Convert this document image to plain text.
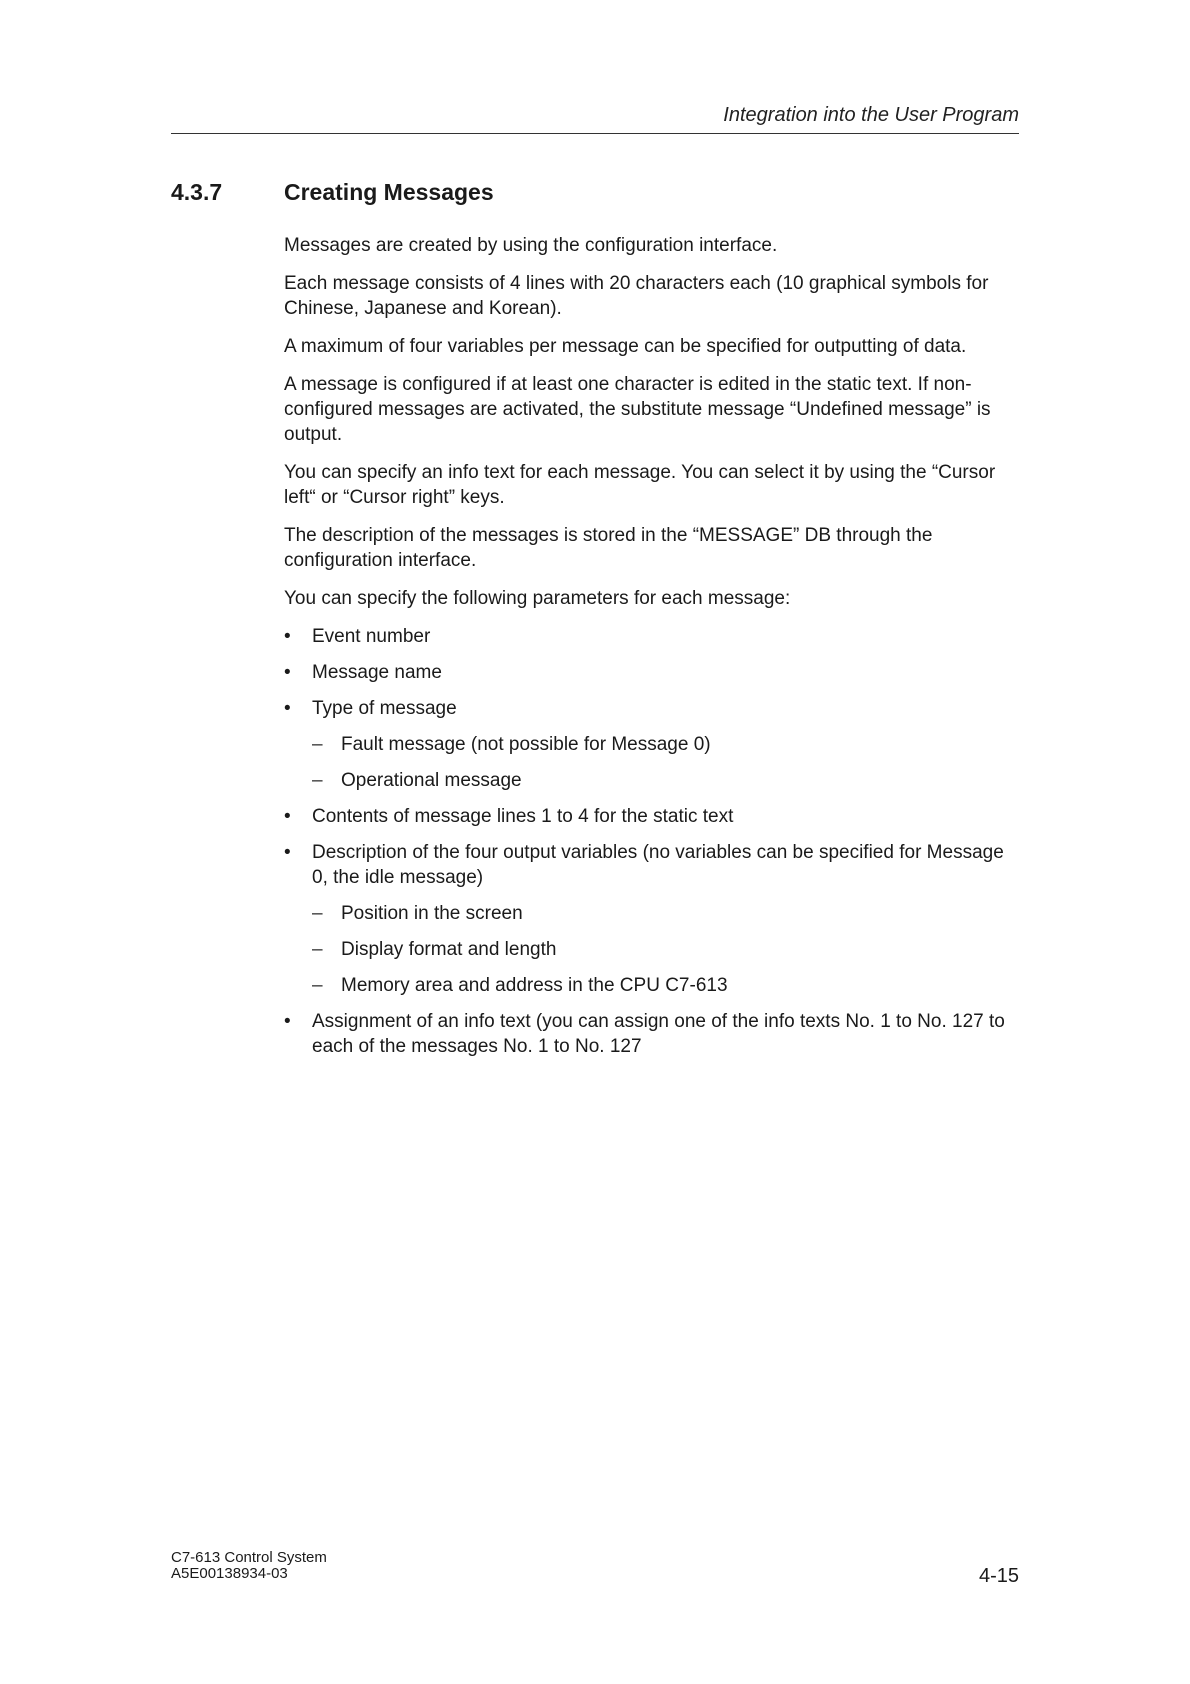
Integration into the User Program
4.3.7	Creating Messages

Messages are created by using the configuration interface.

Each message consists of 4 lines with 20 characters each (10 graphical symbols for Chinese, Japanese and Korean).

A maximum of four variables per message can be specified for outputting of data.

A message is configured if at least one character is edited in the static text. If non-configured messages are activated, the substitute message “Undefined message” is output.

You can specify an info text for each message. You can select it by using the “Cursor left“ or “Cursor right” keys.

The description of the messages is stored in the “MESSAGE” DB through the configuration interface.

You can specify the following parameters for each message:

• Event number
• Message name
• Type of message
– Fault message (not possible for Message 0)
– Operational message
• Contents of message lines 1 to 4 for the static text
• Description of the four output variables (no variables can be specified for Message 0, the idle message)
– Position in the screen
– Display format and length
– Memory area and address in the CPU C7-613
• Assignment of an info text (you can assign one of the info texts No. 1 to No. 127 to each of the messages No. 1 to No. 127
C7-613 Control System
A5E00138934-03	4-15
